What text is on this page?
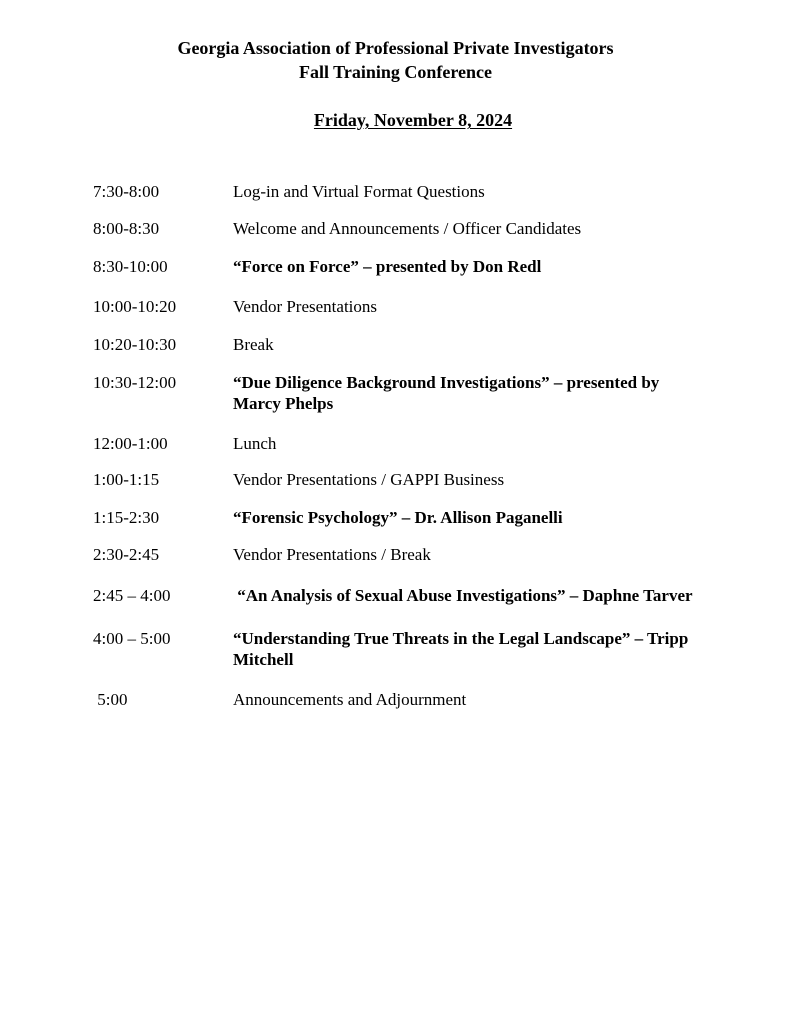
Georgia Association of Professional Private Investigators
Fall Training Conference
Friday, November 8, 2024
7:30-8:00	Log-in and Virtual Format Questions
8:00-8:30	Welcome and Announcements / Officer Candidates
8:30-10:00	“Force on Force” – presented by Don Redl
10:00-10:20	Vendor Presentations
10:20-10:30	Break
10:30-12:00	“Due Diligence Background Investigations” – presented by Marcy Phelps
12:00-1:00	Lunch
1:00-1:15	Vendor Presentations / GAPPI Business
1:15-2:30	“Forensic Psychology” – Dr. Allison Paganelli
2:30-2:45	Vendor Presentations / Break
2:45 – 4:00	“An Analysis of Sexual Abuse Investigations” – Daphne Tarver
4:00 – 5:00	“Understanding True Threats in the Legal Landscape” – Tripp Mitchell
5:00	Announcements and Adjournment
